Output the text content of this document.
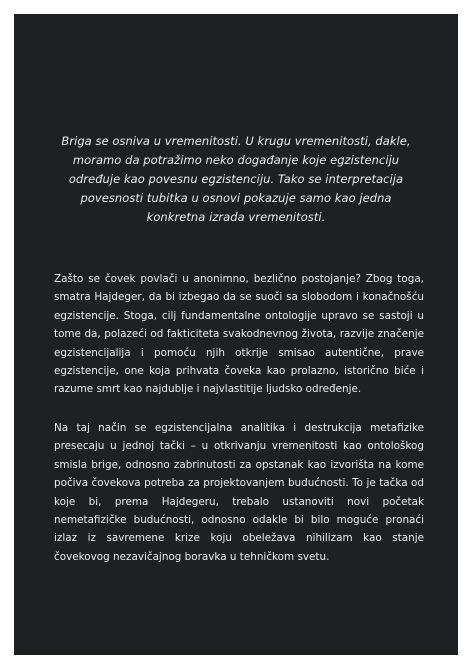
Briga se osniva u vremenitosti. U krugu vremenitosti, dakle, moramo da potražimo neko događanje koje egzistenciju određuje kao povesnu egzistenciju. Tako se interpretacija povesnosti tubitka u osnovi pokazuje samo kao jedna konkretna izrada vremenitosti.

Zašto se čovek povlači u anonimno, bezlično postojanje? Zbog toga, smatra Hajdeger, da bi izbegao da se suoči sa slobodom i konačnošću egzistencije. Stoga, cilj fundamentalne ontologije upravo se sastoji u tome da, polazeći od fakticiteta svakodnevnog života, razvije značenje egzistencijalija i pomoću njih otkrije smisao autentične, prave egzistencije, one koja prihvata čoveka kao prolazno, istorično biće i razume smrt kao najdublje i najvlastitije ljudsko određenje.

Na taj način se egzistencijalna analitika i destrukcija metafizike presecaju u jednoj tački – u otkrivanju vremenitosti kao ontološkog smisla brige, odnosno zabrinutosti za opstanak kao izvorišta na kome počiva čovekova potreba za projektovanjem budućnosti. To je tačka od koje bi, prema Hajdegeru, trebalo ustanoviti novi početak nemetafizičke budućnosti, odnosno odakle bi bilo moguće pronaći izlaz iz savremene krize koju obeležava nihilizam kao stanje čovekovog nezavičajnog boravka u tehničkom svetu.
